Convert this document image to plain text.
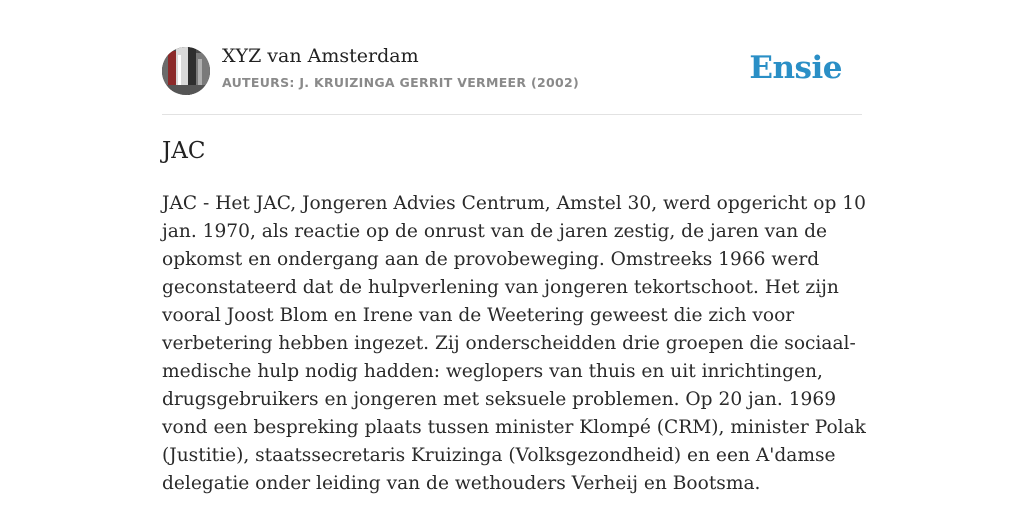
XYZ van Amsterdam
AUTEURS: J. KRUIZINGA GERRIT VERMEER (2002)	Ensie
JAC
JAC - Het JAC, Jongeren Advies Centrum, Amstel 30, werd opgericht op 10 jan. 1970, als reactie op de onrust van de jaren zestig, de jaren van de opkomst en ondergang aan de provobeweging. Omstreeks 1966 werd geconstateerd dat de hulpverlening van jongeren tekortschoot. Het zijn vooral Joost Blom en Irene van de Weetering geweest die zich voor verbetering hebben ingezet. Zij onderscheidden drie groepen die sociaal-medische hulp nodig hadden: weglopers van thuis en uit inrichtingen, drugsgebruikers en jongeren met seksuele problemen. Op 20 jan. 1969 vond een bespreking plaats tussen minister Klompé (CRM), minister Polak (Justitie), staatssecretaris Kruizinga (Volksgezondheid) en een A'damse delegatie onder leiding van de wethouders Verheij en Bootsma.
